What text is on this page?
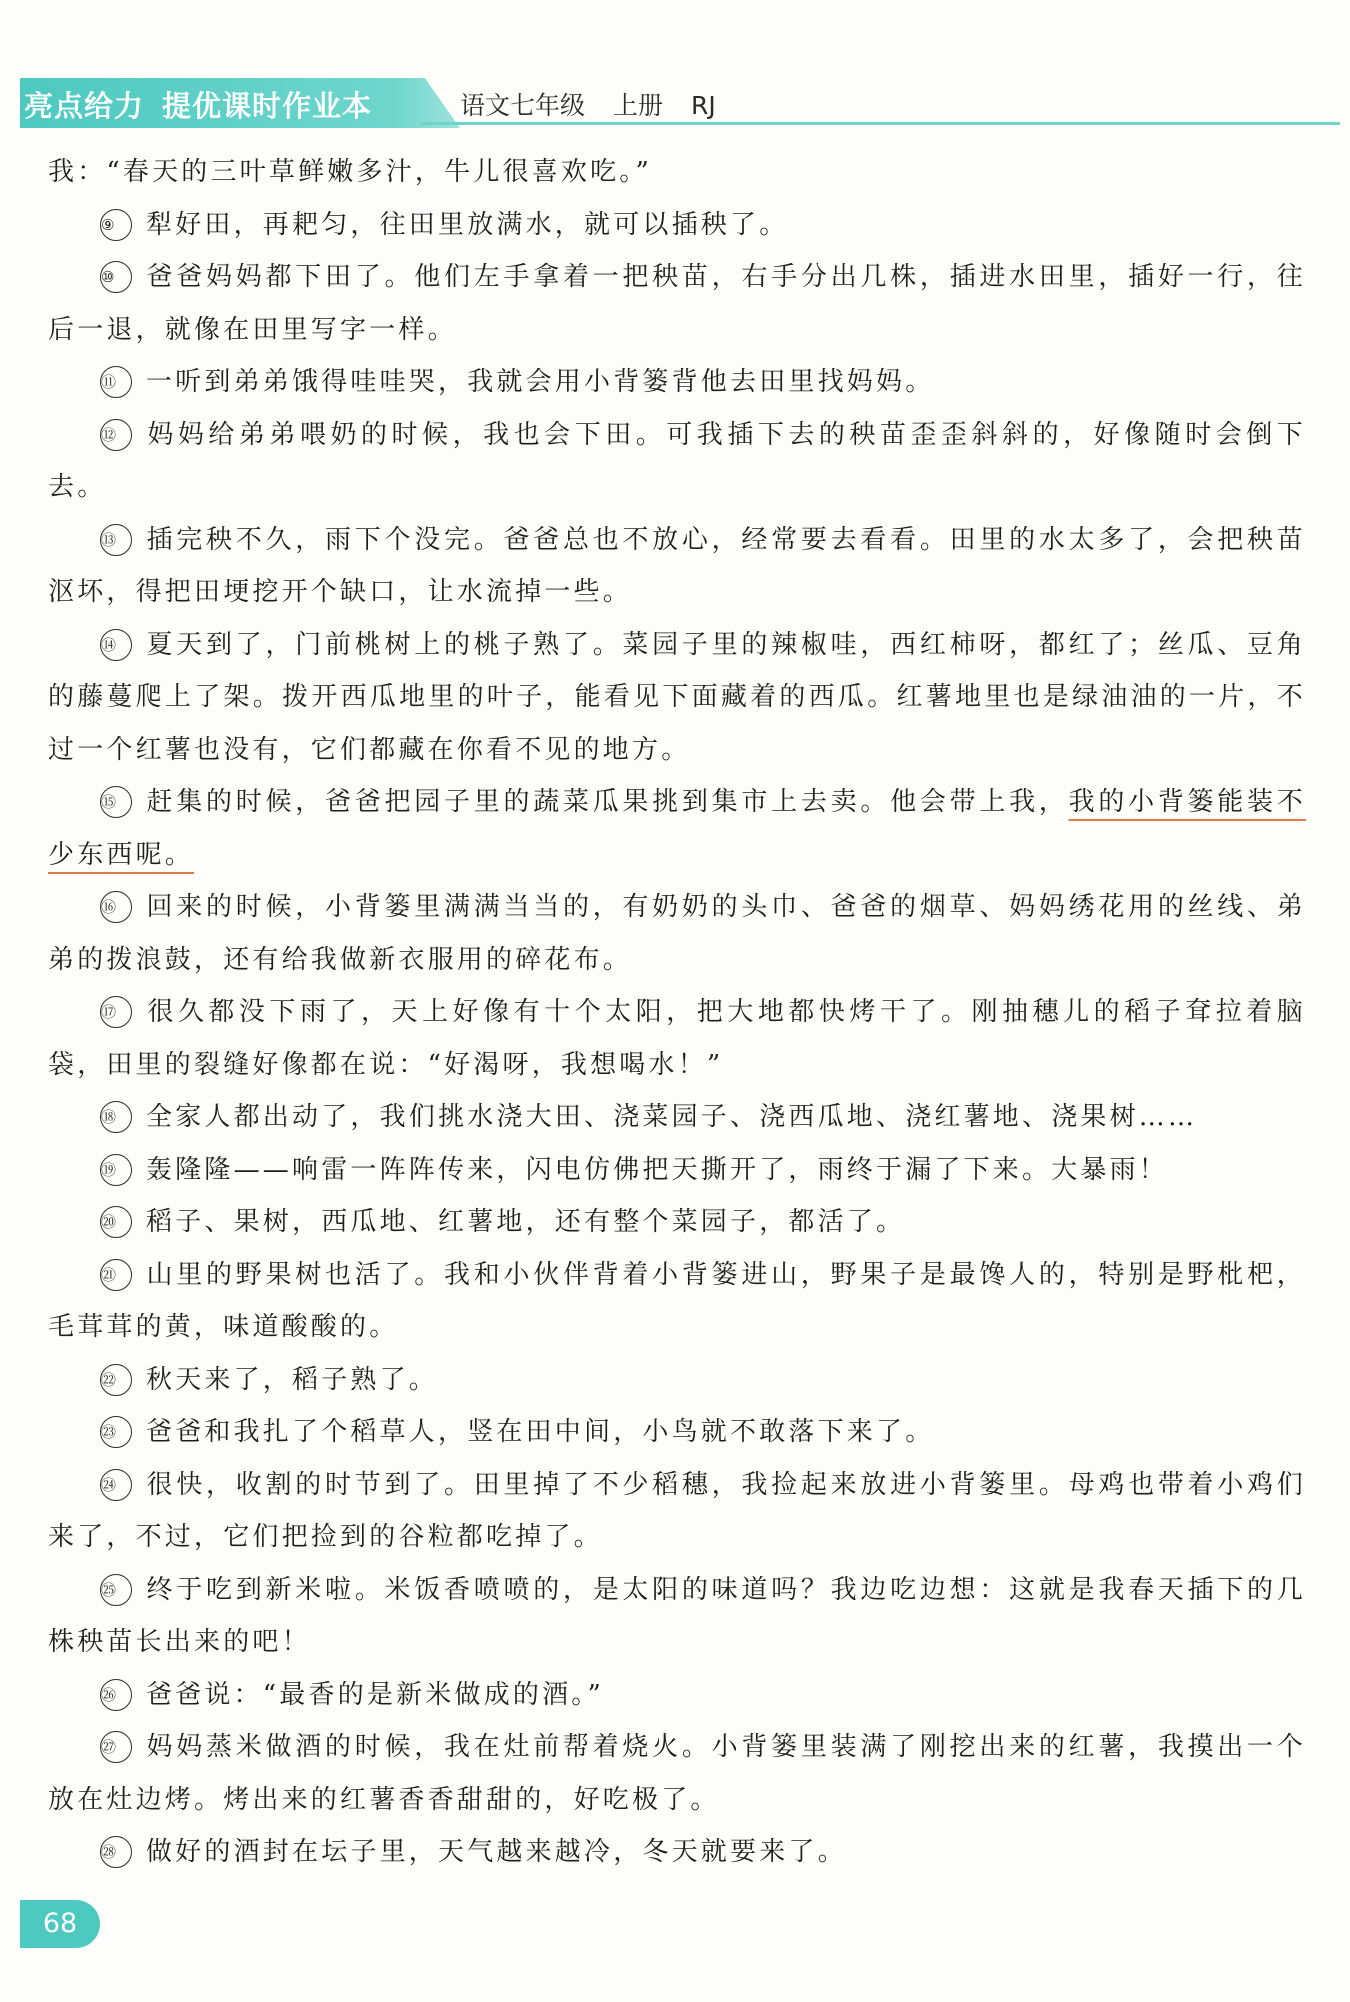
亮点给力 提优课时作业本	语文七年级 上册 RJ

我：“春天的三叶草鲜嫩多汁，牛儿很喜欢吃。”

⑨ 犁好田，再耙匀，往田里放满水，就可以插秧了。

⑩ 爸爸妈妈都下田了。他们左手拿着一把秧苗，右手分出几株，插进水田里，插好一行，往后一退，就像在田里写字一样。

⑪ 一听到弟弟饿得哇哇哭，我就会用小背篓背他去田里找妈妈。

⑫ 妈妈给弟弟喂奶的时候，我也会下田。可我插下去的秧苗歪歪斜斜的，好像随时会倒下去。

⑬ 插完秧不久，雨下个没完。爸爸总也不放心，经常要去看看。田里的水太多了，会把秧苗沤坏，得把田埂挖开个缺口，让水流掉一些。

⑭ 夏天到了，门前桃树上的桃子熟了。菜园子里的辣椒哇，西红柿呀，都红了；丝瓜、豆角的藤蔓爬上了架。拨开西瓜地里的叶子，能看见下面藏着的西瓜。红薯地里也是绿油油的一片，不过一个红薯也没有，它们都藏在你看不见的地方。

⑮ 赶集的时候，爸爸把园子里的蔬菜瓜果挑到集市上去卖。他会带上我，我的小背篓能装不少东西呢。

⑯ 回来的时候，小背篓里满满当当的，有奶奶的头巾、爸爸的烟草、妈妈绣花用的丝线、弟弟的拨浪鼓，还有给我做新衣服用的碎花布。

⑰ 很久都没下雨了，天上好像有十个太阳，把大地都快烤干了。刚抽穗儿的稻子耷拉着脑袋，田里的裂缝好像都在说：“好渴呀，我想喝水！”

⑱ 全家人都出动了，我们挑水浇大田、浇菜园子、浇西瓜地、浇红薯地、浇果树……

⑲ 轰隆隆——响雷一阵阵传来，闪电仿佛把天撕开了，雨终于漏了下来。大暴雨！

⑳ 稻子、果树，西瓜地、红薯地，还有整个菜园子，都活了。

㉑ 山里的野果树也活了。我和小伙伴背着小背篓进山，野果子是最馋人的，特别是野枇杷，毛茸茸的黄，味道酸酸的。

㉒ 秋天来了，稻子熟了。

㉓ 爸爸和我扎了个稻草人，竖在田中间，小鸟就不敢落下来了。

㉔ 很快，收割的时节到了。田里掉了不少稻穗，我捡起来放进小背篓里。母鸡也带着小鸡们来了，不过，它们把捡到的谷粒都吃掉了。

㉕ 终于吃到新米啦。米饭香喷喷的，是太阳的味道吗？我边吃边想：这就是我春天插下的几株秧苗长出来的吧！

㉖ 爸爸说：“最香的是新米做成的酒。”

㉗ 妈妈蒸米做酒的时候，我在灶前帮着烧火。小背篓里装满了刚挖出来的红薯，我摸出一个放在灶边烤。烤出来的红薯香香甜甜的，好吃极了。

㉘ 做好的酒封在坛子里，天气越来越冷，冬天就要来了。

68
